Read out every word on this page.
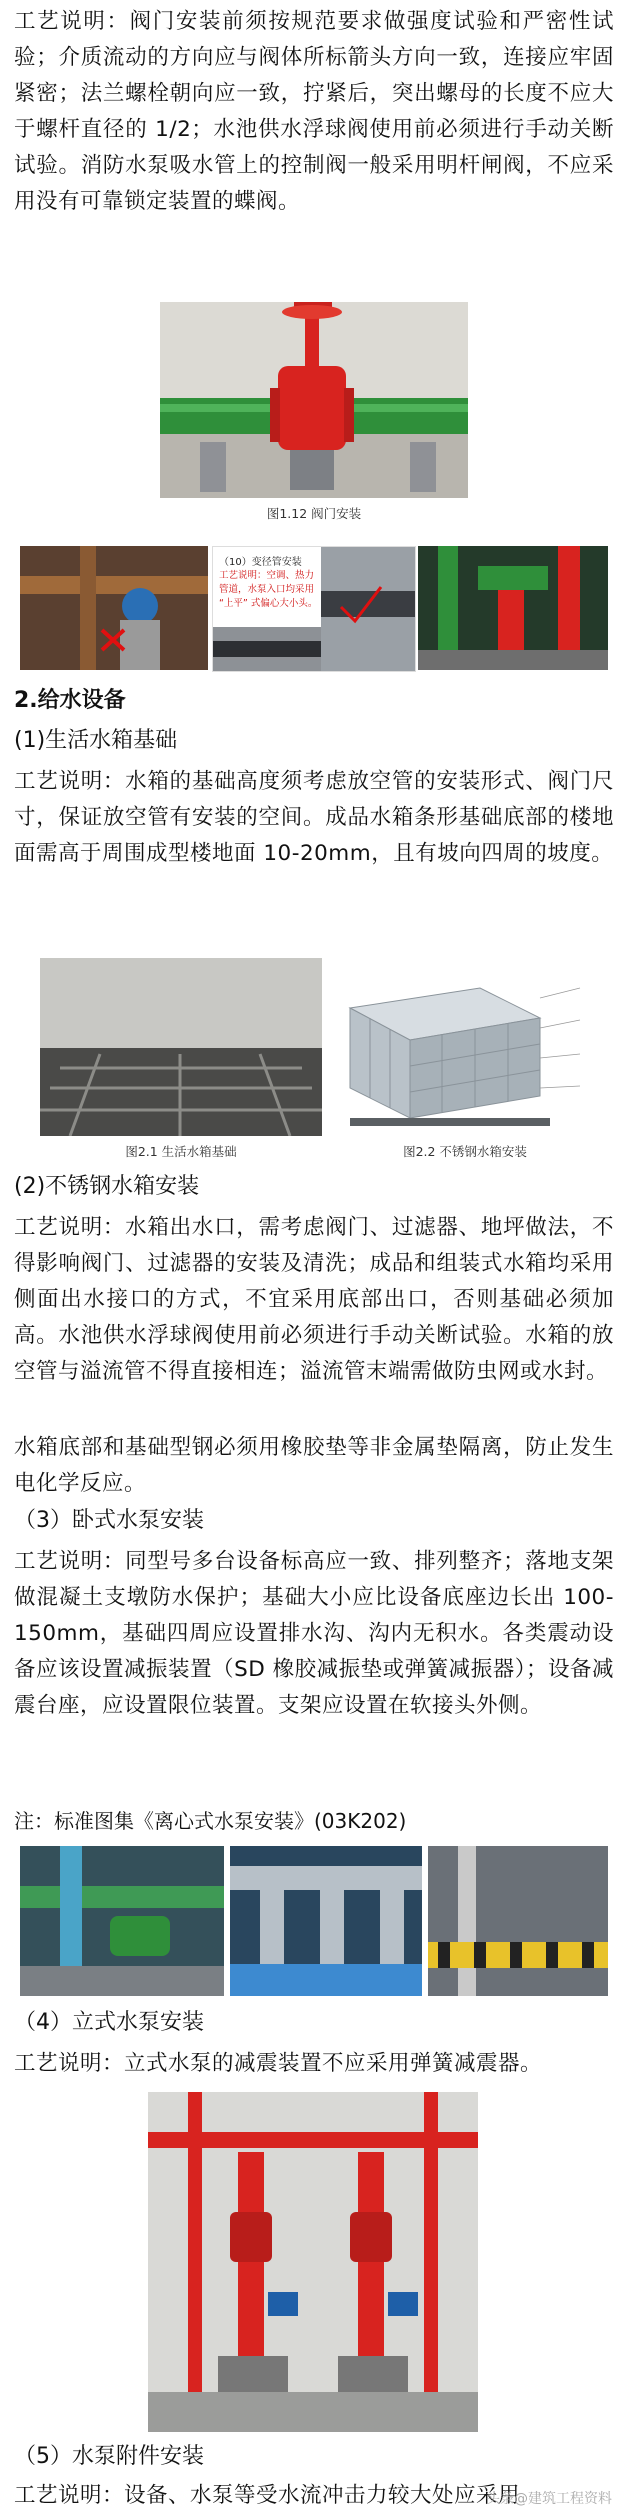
工艺说明：阀门安装前须按规范要求做强度试验和严密性试验；介质流动的方向应与阀体所标箭头方向一致，连接应牢固紧密；法兰螺栓朝向应一致，拧紧后，突出螺母的长度不应大于螺杆直径的 1/2；水池供水浮球阀使用前必须进行手动关断试验。消防水泵吸水管上的控制阀一般采用明杆闸阀，不应采用没有可靠锁定装置的蝶阀。

图1.12 阀门安装
（10）变径管安装
工艺说明：空调、热力管道，水泵入口均采用 “上平” 式偏心大小头。

2.给水设备

(1)生活水箱基础

工艺说明：水箱的基础高度须考虑放空管的安装形式、阀门尺寸，保证放空管有安装的空间。成品水箱条形基础底部的楼地面需高于周围成型楼地面 10-20mm，且有坡向四周的坡度。

图2.1 生活水箱基础	图2.2 不锈钢水箱安装

(2)不锈钢水箱安装

工艺说明：水箱出水口，需考虑阀门、过滤器、地坪做法，不得影响阀门、过滤器的安装及清洗；成品和组装式水箱均采用侧面出水接口的方式，不宜采用底部出口，否则基础必须加高。水池供水浮球阀使用前必须进行手动关断试验。水箱的放空管与溢流管不得直接相连；溢流管末端需做防虫网或水封。

水箱底部和基础型钢必须用橡胶垫等非金属垫隔离，防止发生电化学反应。

（3）卧式水泵安装

工艺说明：同型号多台设备标高应一致、排列整齐；落地支架做混凝土支墩防水保护；基础大小应比设备底座边长出 100-150mm，基础四周应设置排水沟、沟内无积水。各类震动设备应该设置减振装置（SD 橡胶减振垫或弹簧减振器）；设备减震台座，应设置限位装置。支架应设置在软接头外侧。

注：标准图集《离心式水泵安装》(03K202)

（4）立式水泵安装

工艺说明：立式水泵的减震装置不应采用弹簧减震器。

（5）水泵附件安装

工艺说明：设备、水泵等受水流冲击力较大处应采用

头条@建筑工程资料
